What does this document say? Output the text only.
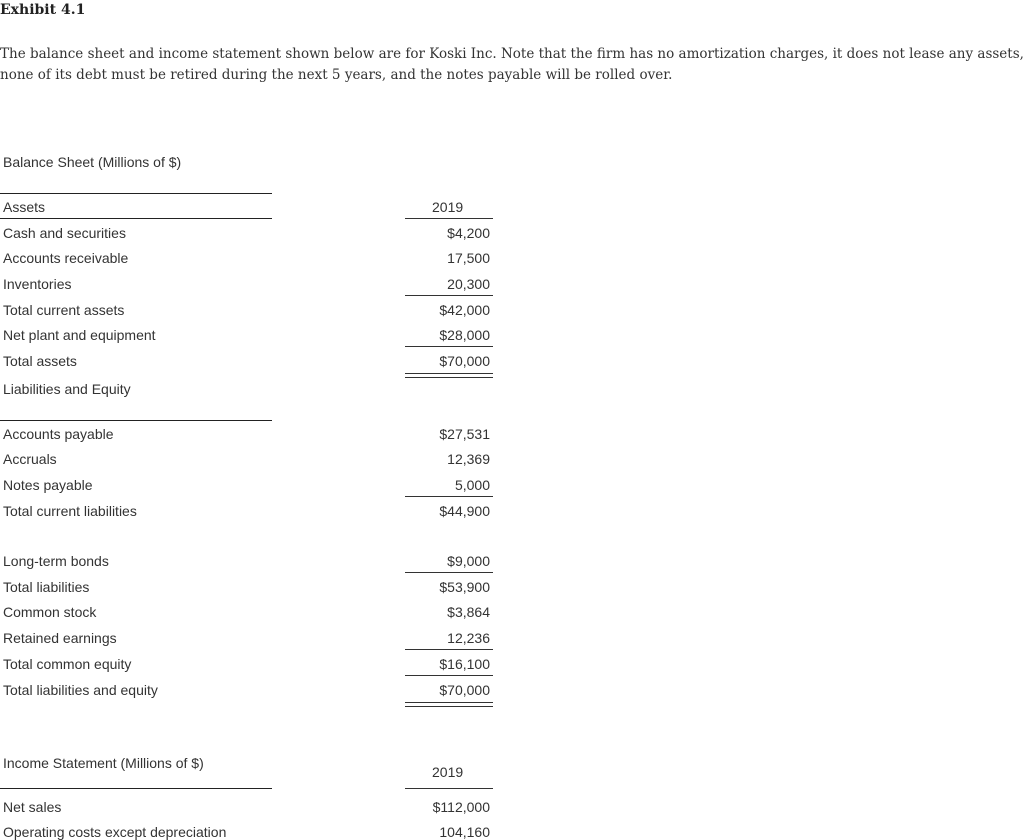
Exhibit 4.1
The balance sheet and income statement shown below are for Koski Inc. Note that the firm has no amortization charges, it does not lease any assets, none of its debt must be retired during the next 5 years, and the notes payable will be rolled over.
Balance Sheet (Millions of $)
Assets	2019
Cash and securities	$4,200
Accounts receivable	17,500
Inventories	20,300
Total current assets	$42,000
Net plant and equipment	$28,000
Total assets	$70,000
Liabilities and Equity
Accounts payable	$27,531
Accruals	12,369
Notes payable	5,000
Total current liabilities	$44,900
Long-term bonds	$9,000
Total liabilities	$53,900
Common stock	$3,864
Retained earnings	12,236
Total common equity	$16,100
Total liabilities and equity	$70,000
Income Statement (Millions of $)
2019
Net sales	$112,000
Operating costs except depreciation	104,160
